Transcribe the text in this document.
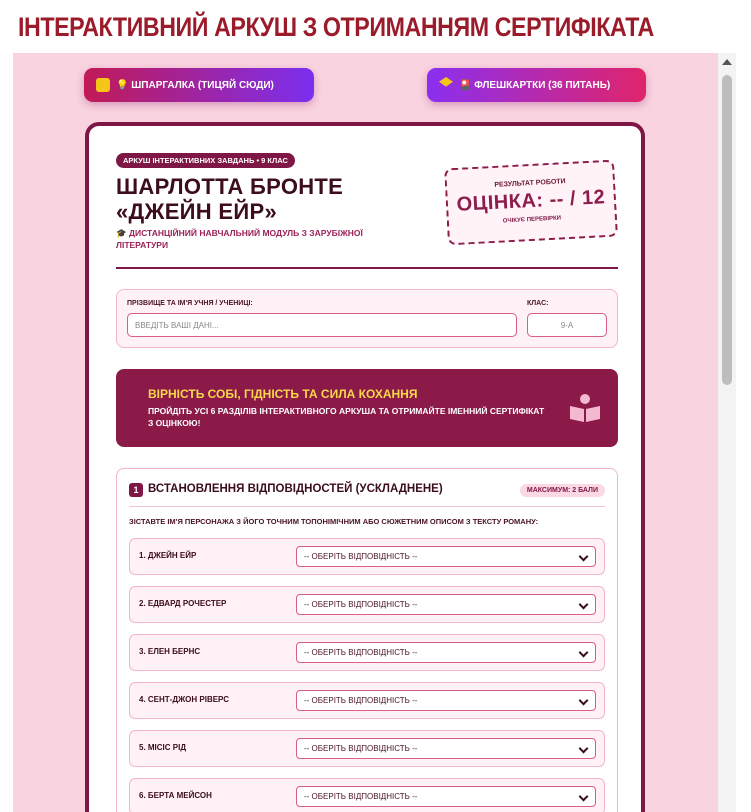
ІНТЕРАКТИВНИЙ АРКУШ З ОТРИМАННЯМ СЕРТИФІКАТА
💡 ШПАРГАЛКА (ТИЦЯЙ СЮДИ)	🎴 ФЛЕШКАРТКИ (36 ПИТАНЬ)
АРКУШ ІНТЕРАКТИВНИХ ЗАВДАНЬ • 9 КЛАС
ШАРЛОТТА БРОНТЕ
«ДЖЕЙН ЕЙР»
🎓 ДИСТАНЦІЙНИЙ НАВЧАЛЬНИЙ МОДУЛЬ З ЗАРУБІЖНОЇ ЛІТЕРАТУРИ
РЕЗУЛЬТАТ РОБОТИ
ОЦІНКА: -- / 12
ОЧІКУЄ ПЕРЕВІРКИ
ПРІЗВИЩЕ ТА ІМ'Я УЧНЯ / УЧЕНИЦІ:
ВВЕДІТЬ ВАШІ ДАНІ...
КЛАС:
9-А
ВІРНІСТЬ СОБІ, ГІДНІСТЬ ТА СИЛА КОХАННЯ
ПРОЙДІТЬ УСІ 6 РАЗДІЛІВ ІНТЕРАКТИВНОГО АРКУША ТА ОТРИМАЙТЕ ІМЕННИЙ СЕРТИФІКАТ З ОЦІНКОЮ!
1 ВСТАНОВЛЕННЯ ВІДПОВІДНОСТЕЙ (УСКЛАДНЕНЕ)	МАКСИМУМ: 2 БАЛИ
ЗІСТАВТЕ ІМ'Я ПЕРСОНАЖА З ЙОГО ТОЧНИМ ТОПОНІМІЧНИМ АБО СЮЖЕТНИМ ОПИСОМ З ТЕКСТУ РОМАНУ:
1. ДЖЕЙН ЕЙР	-- ОБЕРІТЬ ВІДПОВІДНІСТЬ --
2. ЕДВАРД РОЧЕСТЕР	-- ОБЕРІТЬ ВІДПОВІДНІСТЬ --
3. ЕЛЕН БЕРНС	-- ОБЕРІТЬ ВІДПОВІДНІСТЬ --
4. СЕНТ-ДЖОН РІВЕРС	-- ОБЕРІТЬ ВІДПОВІДНІСТЬ --
5. МІСІС РІД	-- ОБЕРІТЬ ВІДПОВІДНІСТЬ --
6. БЕРТА МЕЙСОН	-- ОБЕРІТЬ ВІДПОВІДНІСТЬ --
